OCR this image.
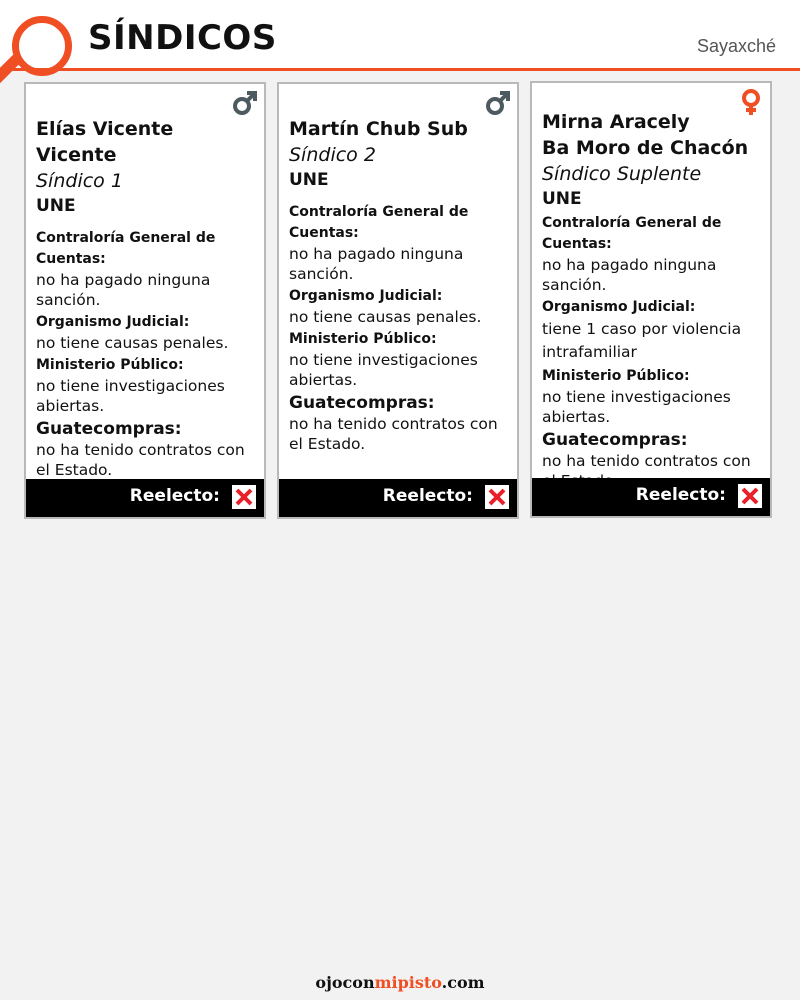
SÍNDICOS	Sayaxché

Elías Vicente Vicente

Síndico 1

UNE

Contraloría General de Cuentas:

no ha pagado ninguna sanción.

Organismo Judicial:

no tiene causas penales.

Ministerio Público:

no tiene investigaciones abiertas.

Guatecompras:

no ha tenido contratos con el Estado.

Reelecto:

Martín Chub Sub

Síndico 2

UNE

Contraloría General de Cuentas:

no ha pagado ninguna sanción.

Organismo Judicial:

no tiene causas penales.

Ministerio Público:

no tiene investigaciones abiertas.

Guatecompras:

no ha tenido contratos con el Estado.

Reelecto:

Mirna Aracely

Ba Moro de Chacón

Síndico Suplente

UNE

Contraloría General de Cuentas:

no ha pagado ninguna sanción.

Organismo Judicial:

tiene 1 caso por violencia intrafamiliar

Ministerio Público:

no tiene investigaciones abiertas.

Guatecompras:

no ha tenido contratos con

Reelecto:
ojoconmipisto.com
